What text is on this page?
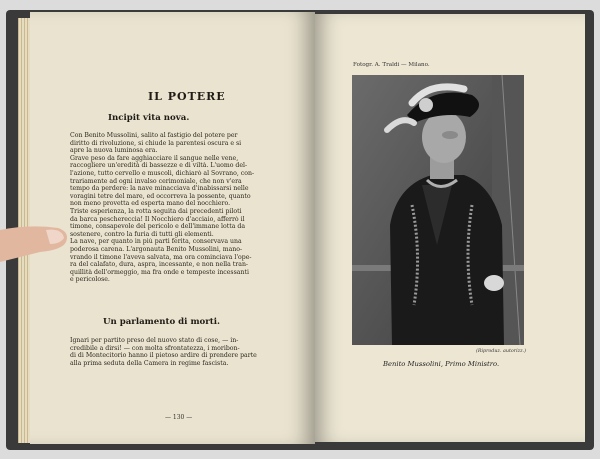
IL POTERE
Incipit vita nova.
Con Benito Mussolini, salito al fastigio del potere per
diritto di rivoluzione, si chiude la parentesi oscura e si
apre la nuova luminosa era.
Grave peso da fare agghiacciare il sangue nelle vene,
raccogliere un'eredità di bassezze e di viltà. L'uomo del-
l'azione, tutto cervello e muscoli, dichiarò al Sovrano, con-
trariamente ad ogni invalso cerimoniale, che non v'era
tempo da perdere: la nave minacciava d'inabissarsi nelle
voragini tetre del mare, ed occorreva la possente, quanto
non meno provetta ed esperta mano del nocchiero.
Triste esperienza, la rotta seguita dai precedenti piloti
da barca peschereccia! Il Nocchiero d'acciaio, afferrò il
timone, consapevole del pericolo e dell'immane lotta da
sostenere, contro la furia di tutti gli elementi.
La nave, per quanto in più parti ferita, conservava una
poderosa carena. L'argonauta Benito Mussolini, mano-
vrando il timone l'aveva salvata, ma ora cominciava l'ope-
ra del calafato, dura, aspra, incessante, e non nella tran-
quillità dell'ormeggio, ma fra onde e tempeste incessanti
e pericolose.
Un parlamento di morti.
Ignari per partito preso del nuovo stato di cose, — in-
credibile a dirsi! — con molta sfrontatezza, i moribon-
di di Montecitorio hanno il pietoso ardire di prendere parte
alla prima seduta della Camera in regime fascista.
— 130 —
Fotogr. A. Traldi — Milano.
(Riproduz. autorizz.)
Benito Mussolini, Primo Ministro.
